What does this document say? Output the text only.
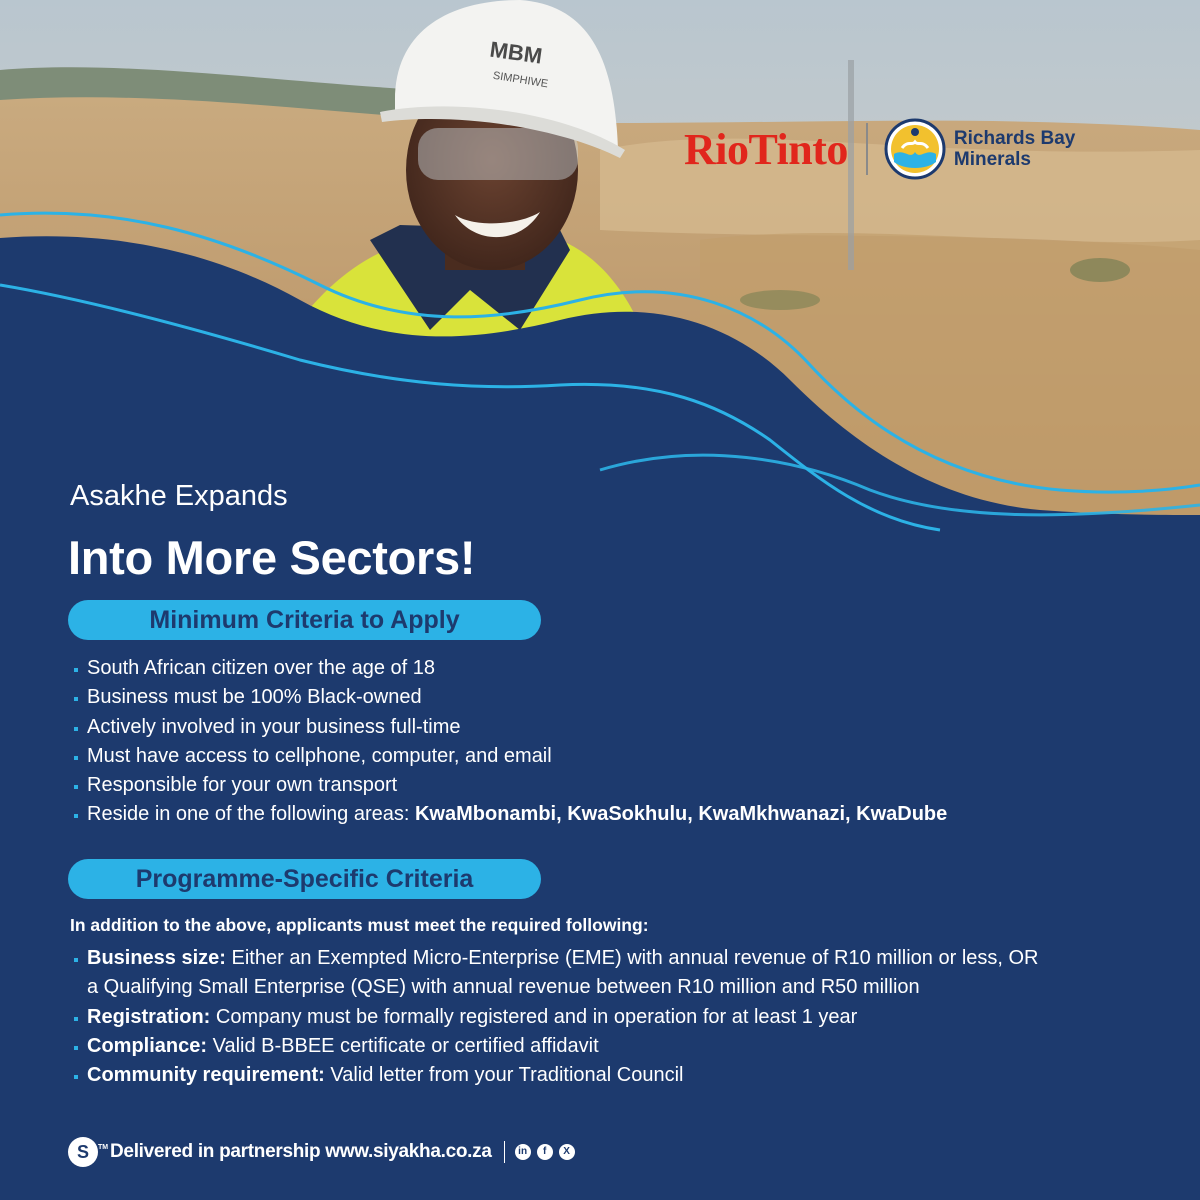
MBM
SIMPHIWE
RioTinto	Richards Bay
Minerals
Asakhe Expands
Into More Sectors!
Minimum Criteria to Apply
South African citizen over the age of 18
Business must be 100% Black-owned
Actively involved in your business full-time
Must have access to cellphone, computer, and email
Responsible for your own transport
Reside in one of the following areas: KwaMbonambi, KwaSokhulu, KwaMkhwanazi, KwaDube
Programme-Specific Criteria
In addition to the above, applicants must meet the required following:
Business size: Either an Exempted Micro-Enterprise (EME) with annual revenue of R10 million or less, OR
a Qualifying Small Enterprise (QSE) with annual revenue between R10 million and R50 million
Registration: Company must be formally registered and in operation for at least 1 year
Compliance: Valid B-BBEE certificate or certified affidavit
Community requirement: Valid letter from your Traditional Council
S TM Delivered in partnership www.siyakha.co.za	in	f	X
